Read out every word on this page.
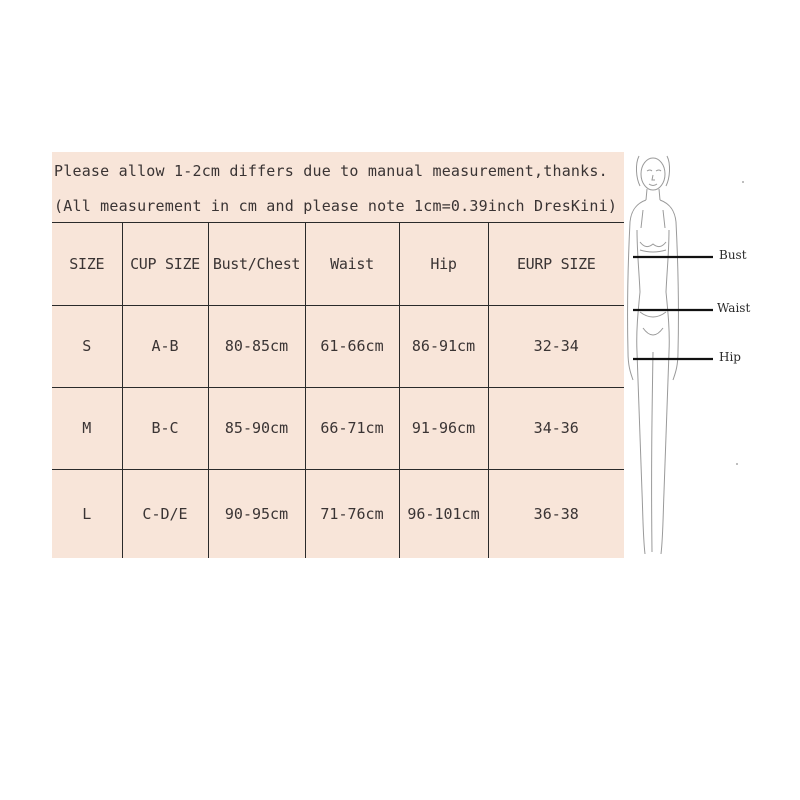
Please allow 1-2cm differs due to manual measurement,thanks.
(All measurement in cm and please note 1cm=0.39inch DresKini)
SIZE	CUP SIZE	Bust/Chest	Waist	Hip	EURP SIZE
S	A-B	80-85cm	61-66cm	86-91cm	32-34
M	B-C	85-90cm	66-71cm	91-96cm	34-36
L	C-D/E	90-95cm	71-76cm	96-101cm	36-38
Bust
Waist
Hip
